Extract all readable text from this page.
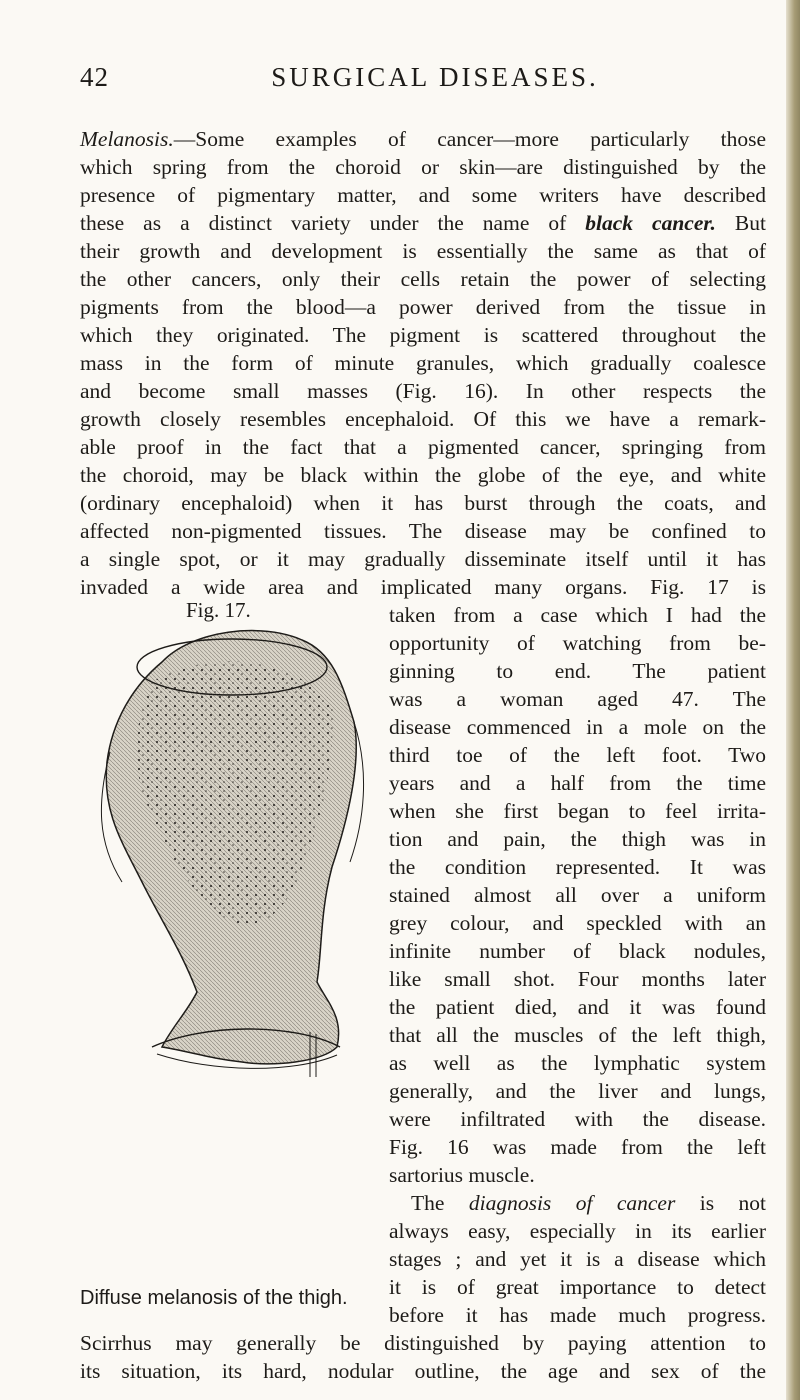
42	SURGICAL DISEASES.
Melanosis.—Some examples of cancer—more particularly those
which spring from the choroid or skin—are distinguished by the
presence of pigmentary matter, and some writers have described
these as a distinct variety under the name of black cancer. But
their growth and development is essentially the same as that of
the other cancers, only their cells retain the power of selecting
pigments from the blood—a power derived from the tissue in
which they originated. The pigment is scattered throughout the
mass in the form of minute granules, which gradually coalesce
and become small masses (Fig. 16). In other respects the
growth closely resembles encephaloid. Of this we have a remark-
able proof in the fact that a pigmented cancer, springing from
the choroid, may be black within the globe of the eye, and white
(ordinary encephaloid) when it has burst through the coats, and
affected non-pigmented tissues. The disease may be confined to
a single spot, or it may gradually disseminate itself until it has
invaded a wide area and implicated many organs. Fig. 17 is
Fig. 17.	taken from a case which I had the
opportunity of watching from be-
ginning to end. The patient
was a woman aged 47. The
disease commenced in a mole on the
third toe of the left foot. Two
years and a half from the time
when she first began to feel irrita-
tion and pain, the thigh was in
the condition represented. It was
stained almost all over a uniform
grey colour, and speckled with an
infinite number of black nodules,
like small shot. Four months later
the patient died, and it was found
that all the muscles of the left thigh,
as well as the lymphatic system
generally, and the liver and lungs,
were infiltrated with the disease.
Fig. 16 was made from the left
sartorius muscle.
The diagnosis of cancer is not
always easy, especially in its earlier
stages ; and yet it is a disease which
it is of great importance to detect
before it has made much progress.
Diffuse melanosis of the thigh.
Scirrhus may generally be distinguished by paying attention to
its situation, its hard, nodular outline, the age and sex of the
